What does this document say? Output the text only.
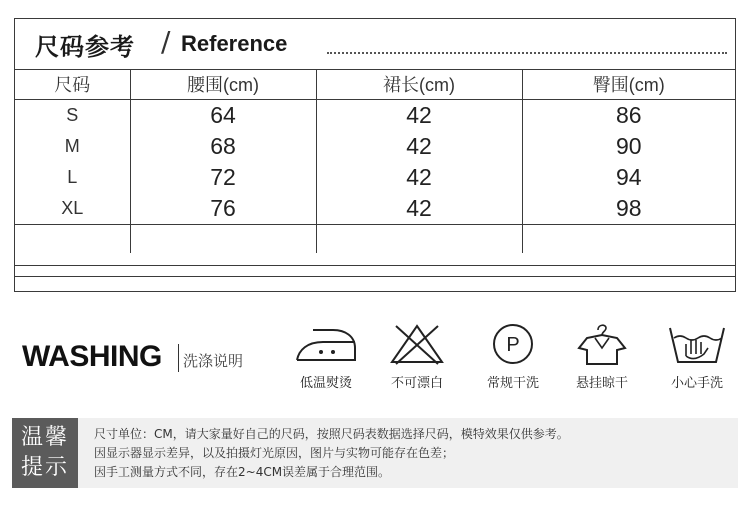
尺码参考 / Reference
尺码	腰围(cm)	裙长(cm)	臀围(cm)
S	64	42	86
M	68	42	90
L	72	42	94
XL	76	42	98

WASHING 洗涤说明
低温熨烫	不可漂白
P
常规干洗	悬挂晾干	小心手洗
温馨
提示
尺寸单位：CM，请大家量好自己的尺码，按照尺码表数据选择尺码，模特效果仅供参考。
因显示器显示差异，以及拍摄灯光原因，图片与实物可能存在色差；
因手工测量方式不同，存在2~4CM误差属于合理范围。
